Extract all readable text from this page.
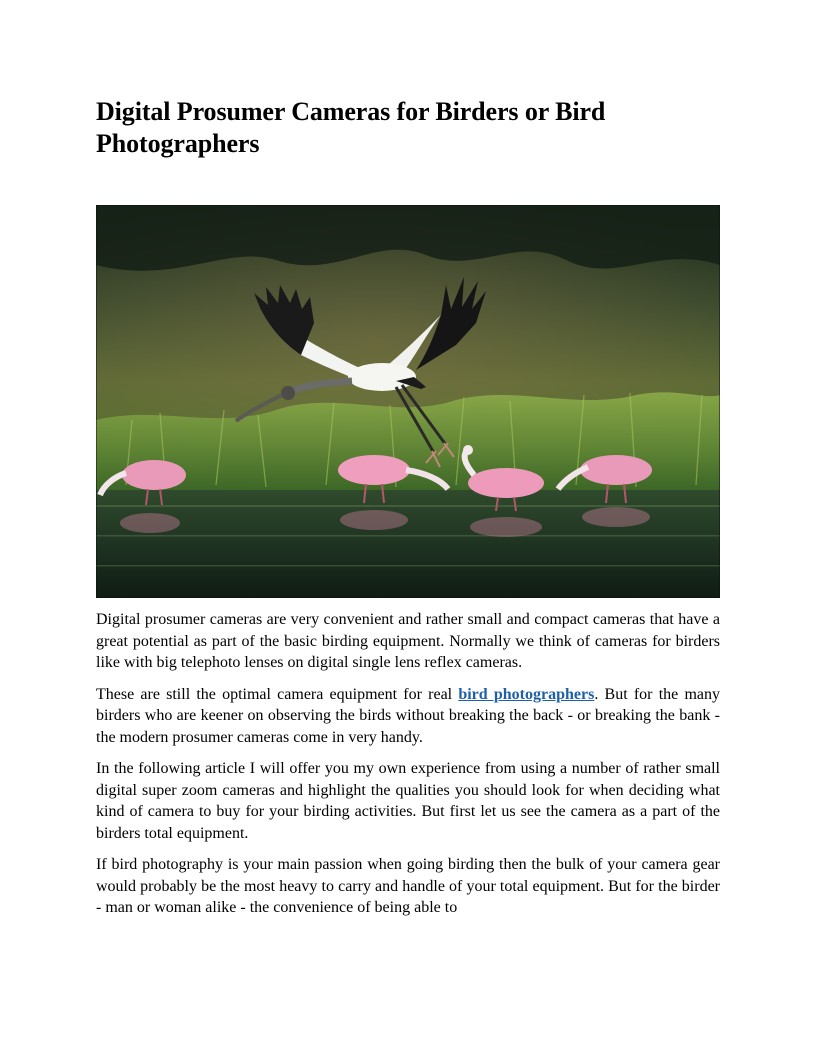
Digital Prosumer Cameras for Birders or Bird Photographers

Digital prosumer cameras are very convenient and rather small and compact cameras that have a great potential as part of the basic birding equipment. Normally we think of cameras for birders like with big telephoto lenses on digital single lens reflex cameras.

These are still the optimal camera equipment for real bird photographers. But for the many birders who are keener on observing the birds without breaking the back - or breaking the bank - the modern prosumer cameras come in very handy.

In the following article I will offer you my own experience from using a number of rather small digital super zoom cameras and highlight the qualities you should look for when deciding what kind of camera to buy for your birding activities. But first let us see the camera as a part of the birders total equipment.

If bird photography is your main passion when going birding then the bulk of your camera gear would probably be the most heavy to carry and handle of your total equipment. But for the birder - man or woman alike - the convenience of being able to
